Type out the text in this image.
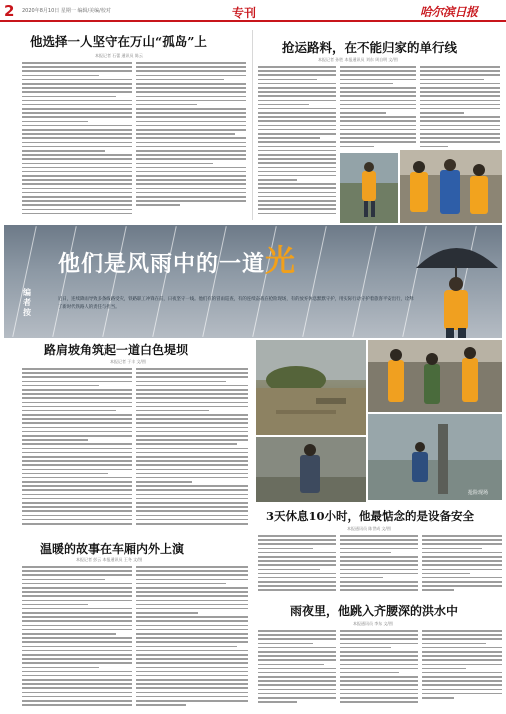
2 2020年8月10日 星期一 编辑/美编/校对	专刊	哈尔滨日报
他选择一人坚守在万山“孤岛”上
本报记者 石蕾 通讯员 陈云
抢运路料，在不能归家的单行线
本报记者 孙胜 本报通讯员 刘东 周自明 文/图
他们是风雨中的一道光
编者按
近日，连续降雨导致多条线路受灾，铁路职工冲锋在前，日夜坚守一线。他们有的冒雨巡查，有的连续奋战在抢险现场，有的放弃休息默默守护，用实际行动守护着旅客平安出行，诠释了新时代铁路人的责任与担当。
路肩坡角筑起一道白色堤坝
本报记者 于丰 文/图
抢险现场
3天休息10小时，他最惦念的是设备安全
本报通讯员 陈世成 文/图
温暖的故事在车厢内外上演
本报记者 彭云 本报通讯员 王冬 文/图
雨夜里，他跳入齐腰深的洪水中
本报通讯员 李东 文/图
